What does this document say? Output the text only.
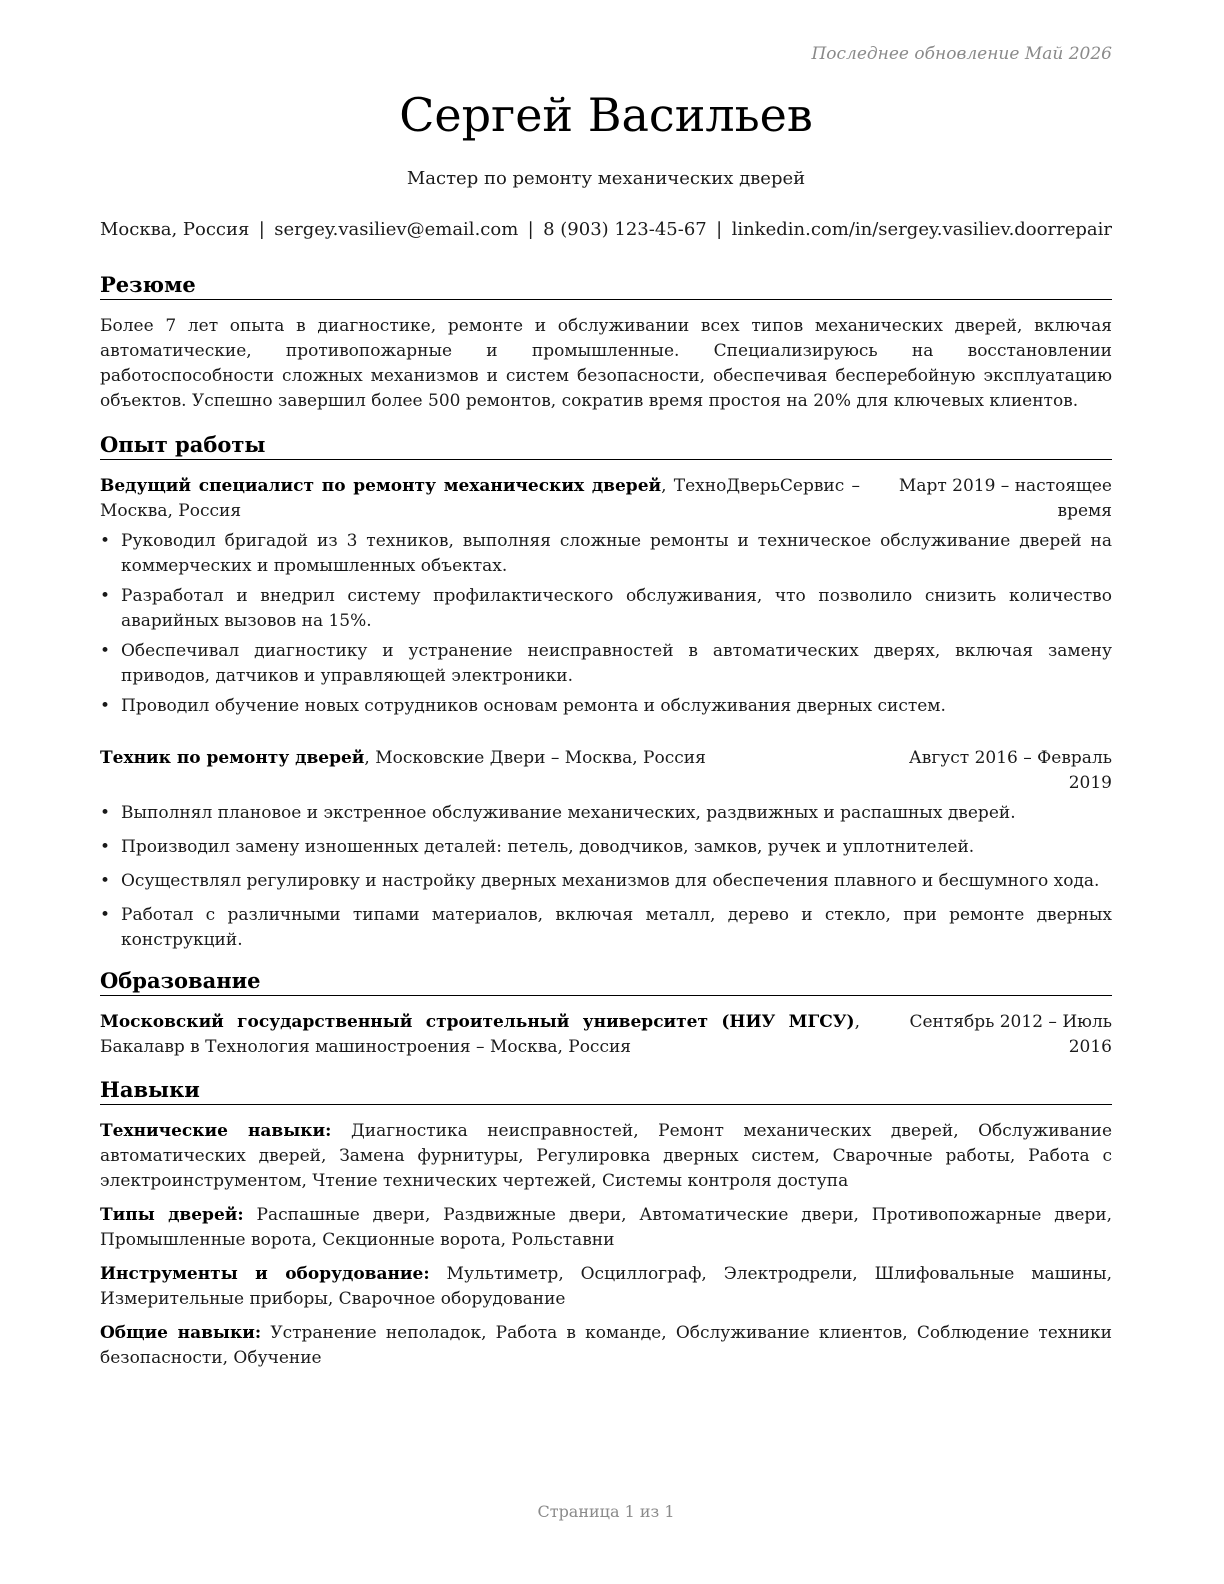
Последнее обновление Май 2026
Сергей Васильев
Мастер по ремонту механических дверей
Москва, Россия | sergey.vasiliev@email.com | 8 (903) 123-45-67 | linkedin.com/in/sergey.vasiliev.doorrepair
Резюме

Более 7 лет опыта в диагностике, ремонте и обслуживании всех типов механических дверей, включая автоматические, противопожарные и промышленные. Специализируюсь на восстановлении работоспособности сложных механизмов и систем безопасности, обеспечивая бесперебойную эксплуатацию объектов. Успешно завершил более 500 ремонтов, сократив время простоя на 20% для ключевых клиентов.

Опыт работы
Ведущий специалист по ремонту механических дверей, ТехноДверьСервис – Москва, Россия
Март 2019 – настоящее время
• Руководил бригадой из 3 техников, выполняя сложные ремонты и техническое обслуживание дверей на коммерческих и промышленных объектах.
• Разработал и внедрил систему профилактического обслуживания, что позволило снизить количество аварийных вызовов на 15%.
• Обеспечивал диагностику и устранение неисправностей в автоматических дверях, включая замену приводов, датчиков и управляющей электроники.
• Проводил обучение новых сотрудников основам ремонта и обслуживания дверных систем.
Техник по ремонту дверей, Московские Двери – Москва, Россия	Август 2016 – Февраль 2019
• Выполнял плановое и экстренное обслуживание механических, раздвижных и распашных дверей.
• Производил замену изношенных деталей: петель, доводчиков, замков, ручек и уплотнителей.
• Осуществлял регулировку и настройку дверных механизмов для обеспечения плавного и бесшумного хода.
• Работал с различными типами материалов, включая металл, дерево и стекло, при ремонте дверных конструкций.
Образование
Московский государственный строительный университет (НИУ МГСУ), Бакалавр в Технология машиностроения – Москва, Россия
Сентябрь 2012 – Июль 2016
Навыки

Технические навыки: Диагностика неисправностей, Ремонт механических дверей, Обслуживание автоматических дверей, Замена фурнитуры, Регулировка дверных систем, Сварочные работы, Работа с электроинструментом, Чтение технических чертежей, Системы контроля доступа

Типы дверей: Распашные двери, Раздвижные двери, Автоматические двери, Противопожарные двери, Промышленные ворота, Секционные ворота, Рольставни

Инструменты и оборудование: Мультиметр, Осциллограф, Электродрели, Шлифовальные машины, Измерительные приборы, Сварочное оборудование

Общие навыки: Устранение неполадок, Работа в команде, Обслуживание клиентов, Соблюдение техники безопасности, Обучение

Страница 1 из 1
